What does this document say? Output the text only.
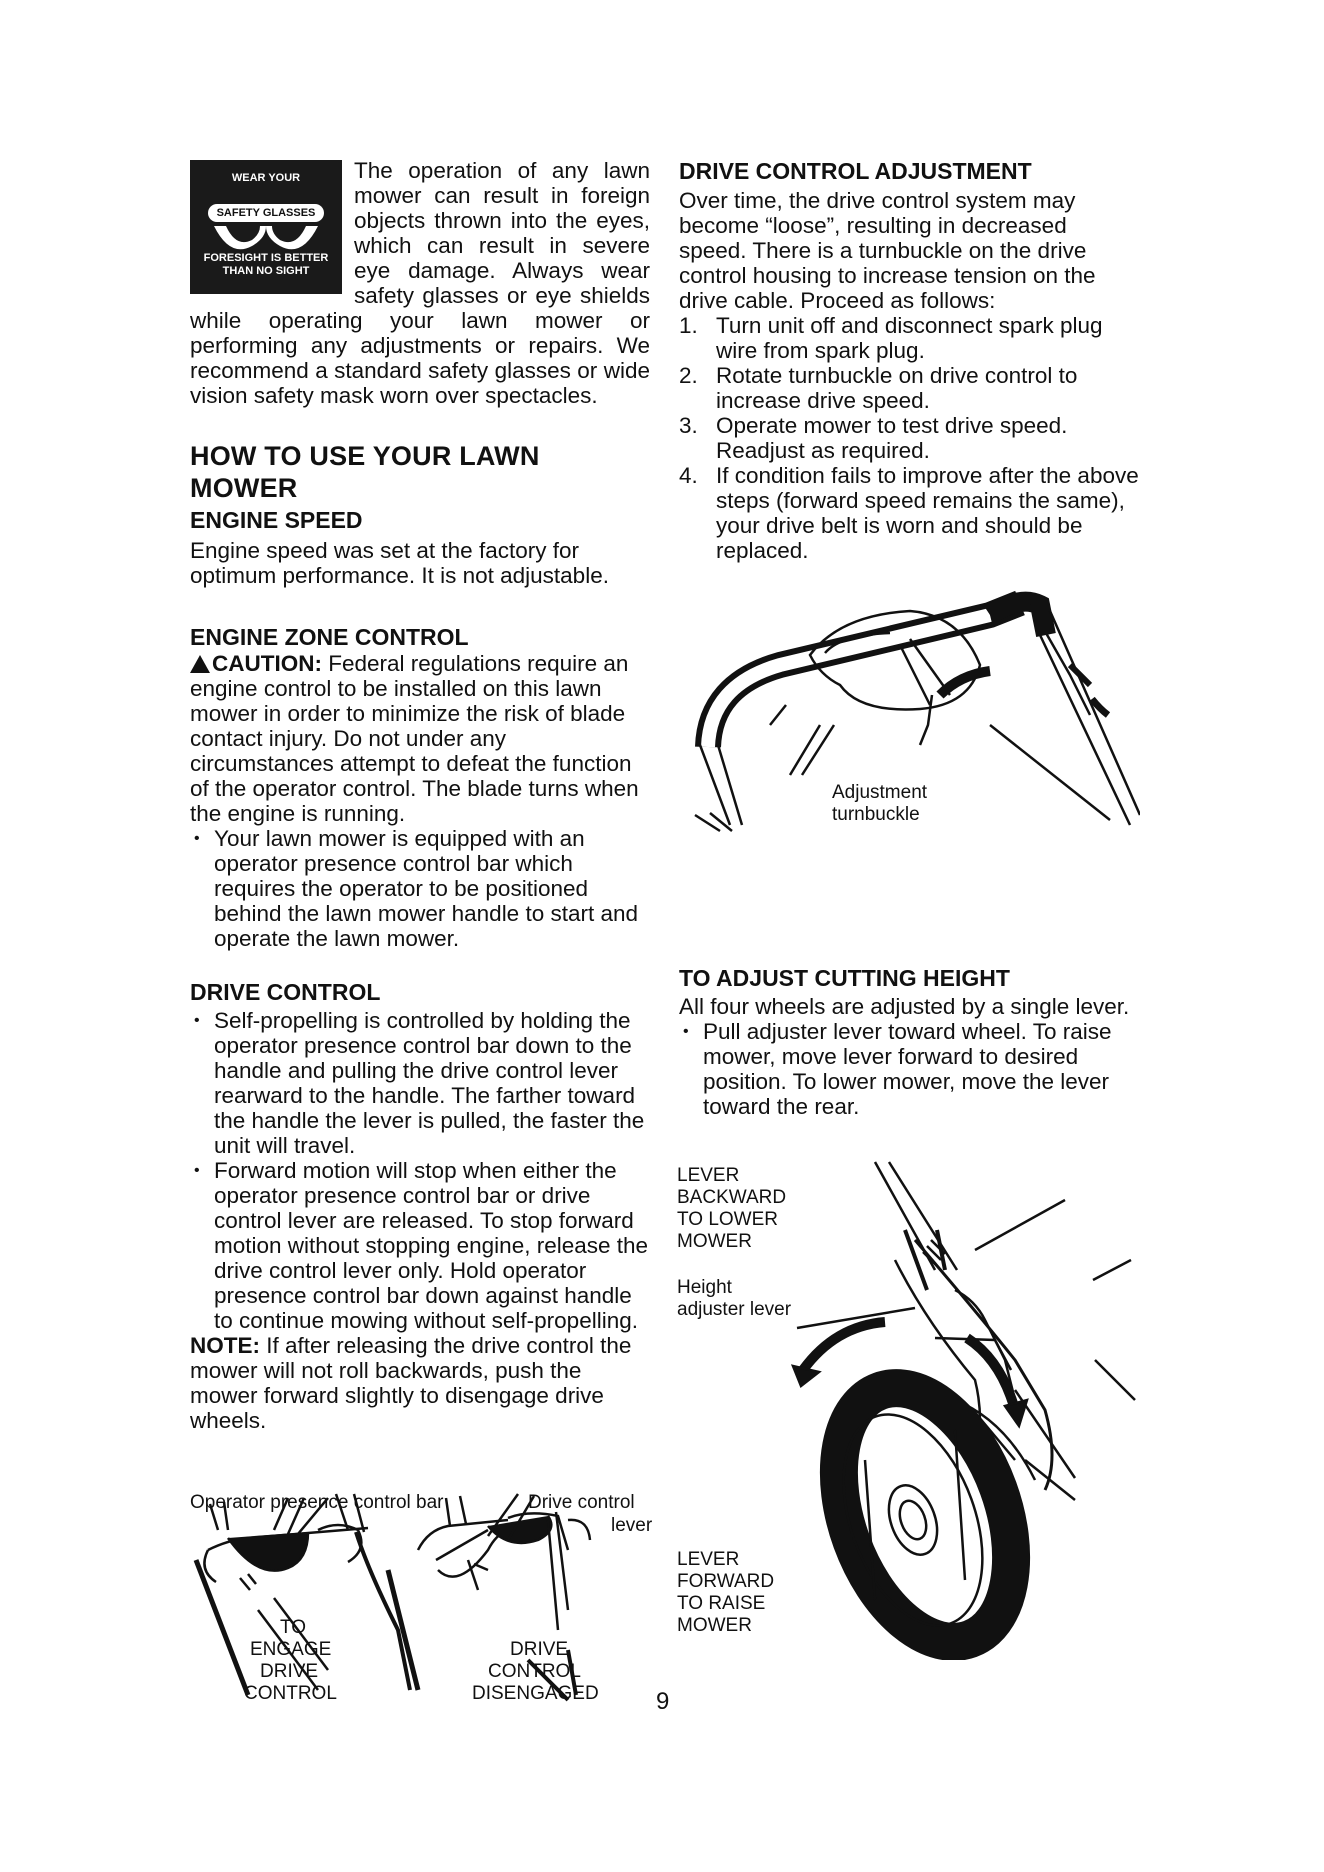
WEAR YOUR
SAFETY GLASSES
FORESIGHT IS BETTER
THAN NO SIGHT

The operation of any lawn mower can result in foreign objects thrown into the eyes, which can result in severe eye damage. Always wear safety glasses or eye shields while operating your lawn mower or performing any adjustments or repairs. We recommend a standard safety glasses or wide vision safety mask worn over spectacles.

HOW TO USE YOUR LAWN MOWER
ENGINE SPEED

Engine speed was set at the factory for optimum performance. It is not adjustable.

ENGINE ZONE CONTROL

CAUTION: Federal regulations require an engine control to be installed on this lawn mower in order to minimize the risk of blade contact injury. Do not under any circumstances attempt to defeat the function of the operator control. The blade turns when the engine is running.

• Your lawn mower is equipped with an operator presence control bar which requires the operator to be positioned behind the lawn mower handle to start and operate the lawn mower.
DRIVE CONTROL
• Self-propelling is controlled by holding the operator presence control bar down to the handle and pulling the drive control lever rearward to the handle. The farther toward the handle the lever is pulled, the faster the unit will travel.
• Forward motion will stop when either the operator presence control bar or drive control lever are released. To stop forward motion without stopping engine, release the drive control lever only. Hold operator presence control bar down against handle to continue mowing without self-propelling.

NOTE: If after releasing the drive control the mower will not roll backwards, push the mower forward slightly to disengage drive wheels.

Operator presence control bar	Drive control
lever
TO
ENGAGE
DRIVE
CONTROL
DRIVE
CONTROL
DISENGAGED
DRIVE CONTROL ADJUSTMENT

Over time, the drive control system may become “loose”, resulting in decreased speed. There is a turnbuckle on the drive control housing to increase tension on the drive cable. Proceed as follows:

1. Turn unit off and disconnect spark plug wire from spark plug.
2. Rotate turnbuckle on drive control to increase drive speed.
3. Operate mower to test drive speed. Readjust as required.
4. If condition fails to improve after the above steps (forward speed remains the same), your drive belt is worn and should be replaced.
Adjustment
turnbuckle
TO ADJUST CUTTING HEIGHT

All four wheels are adjusted by a single lever.

• Pull adjuster lever toward wheel. To raise mower, move lever forward to desired position. To lower mower, move the lever toward the rear.
LEVER
BACKWARD
TO LOWER
MOWER
Height
adjuster lever
LEVER
FORWARD
TO RAISE
MOWER
9
